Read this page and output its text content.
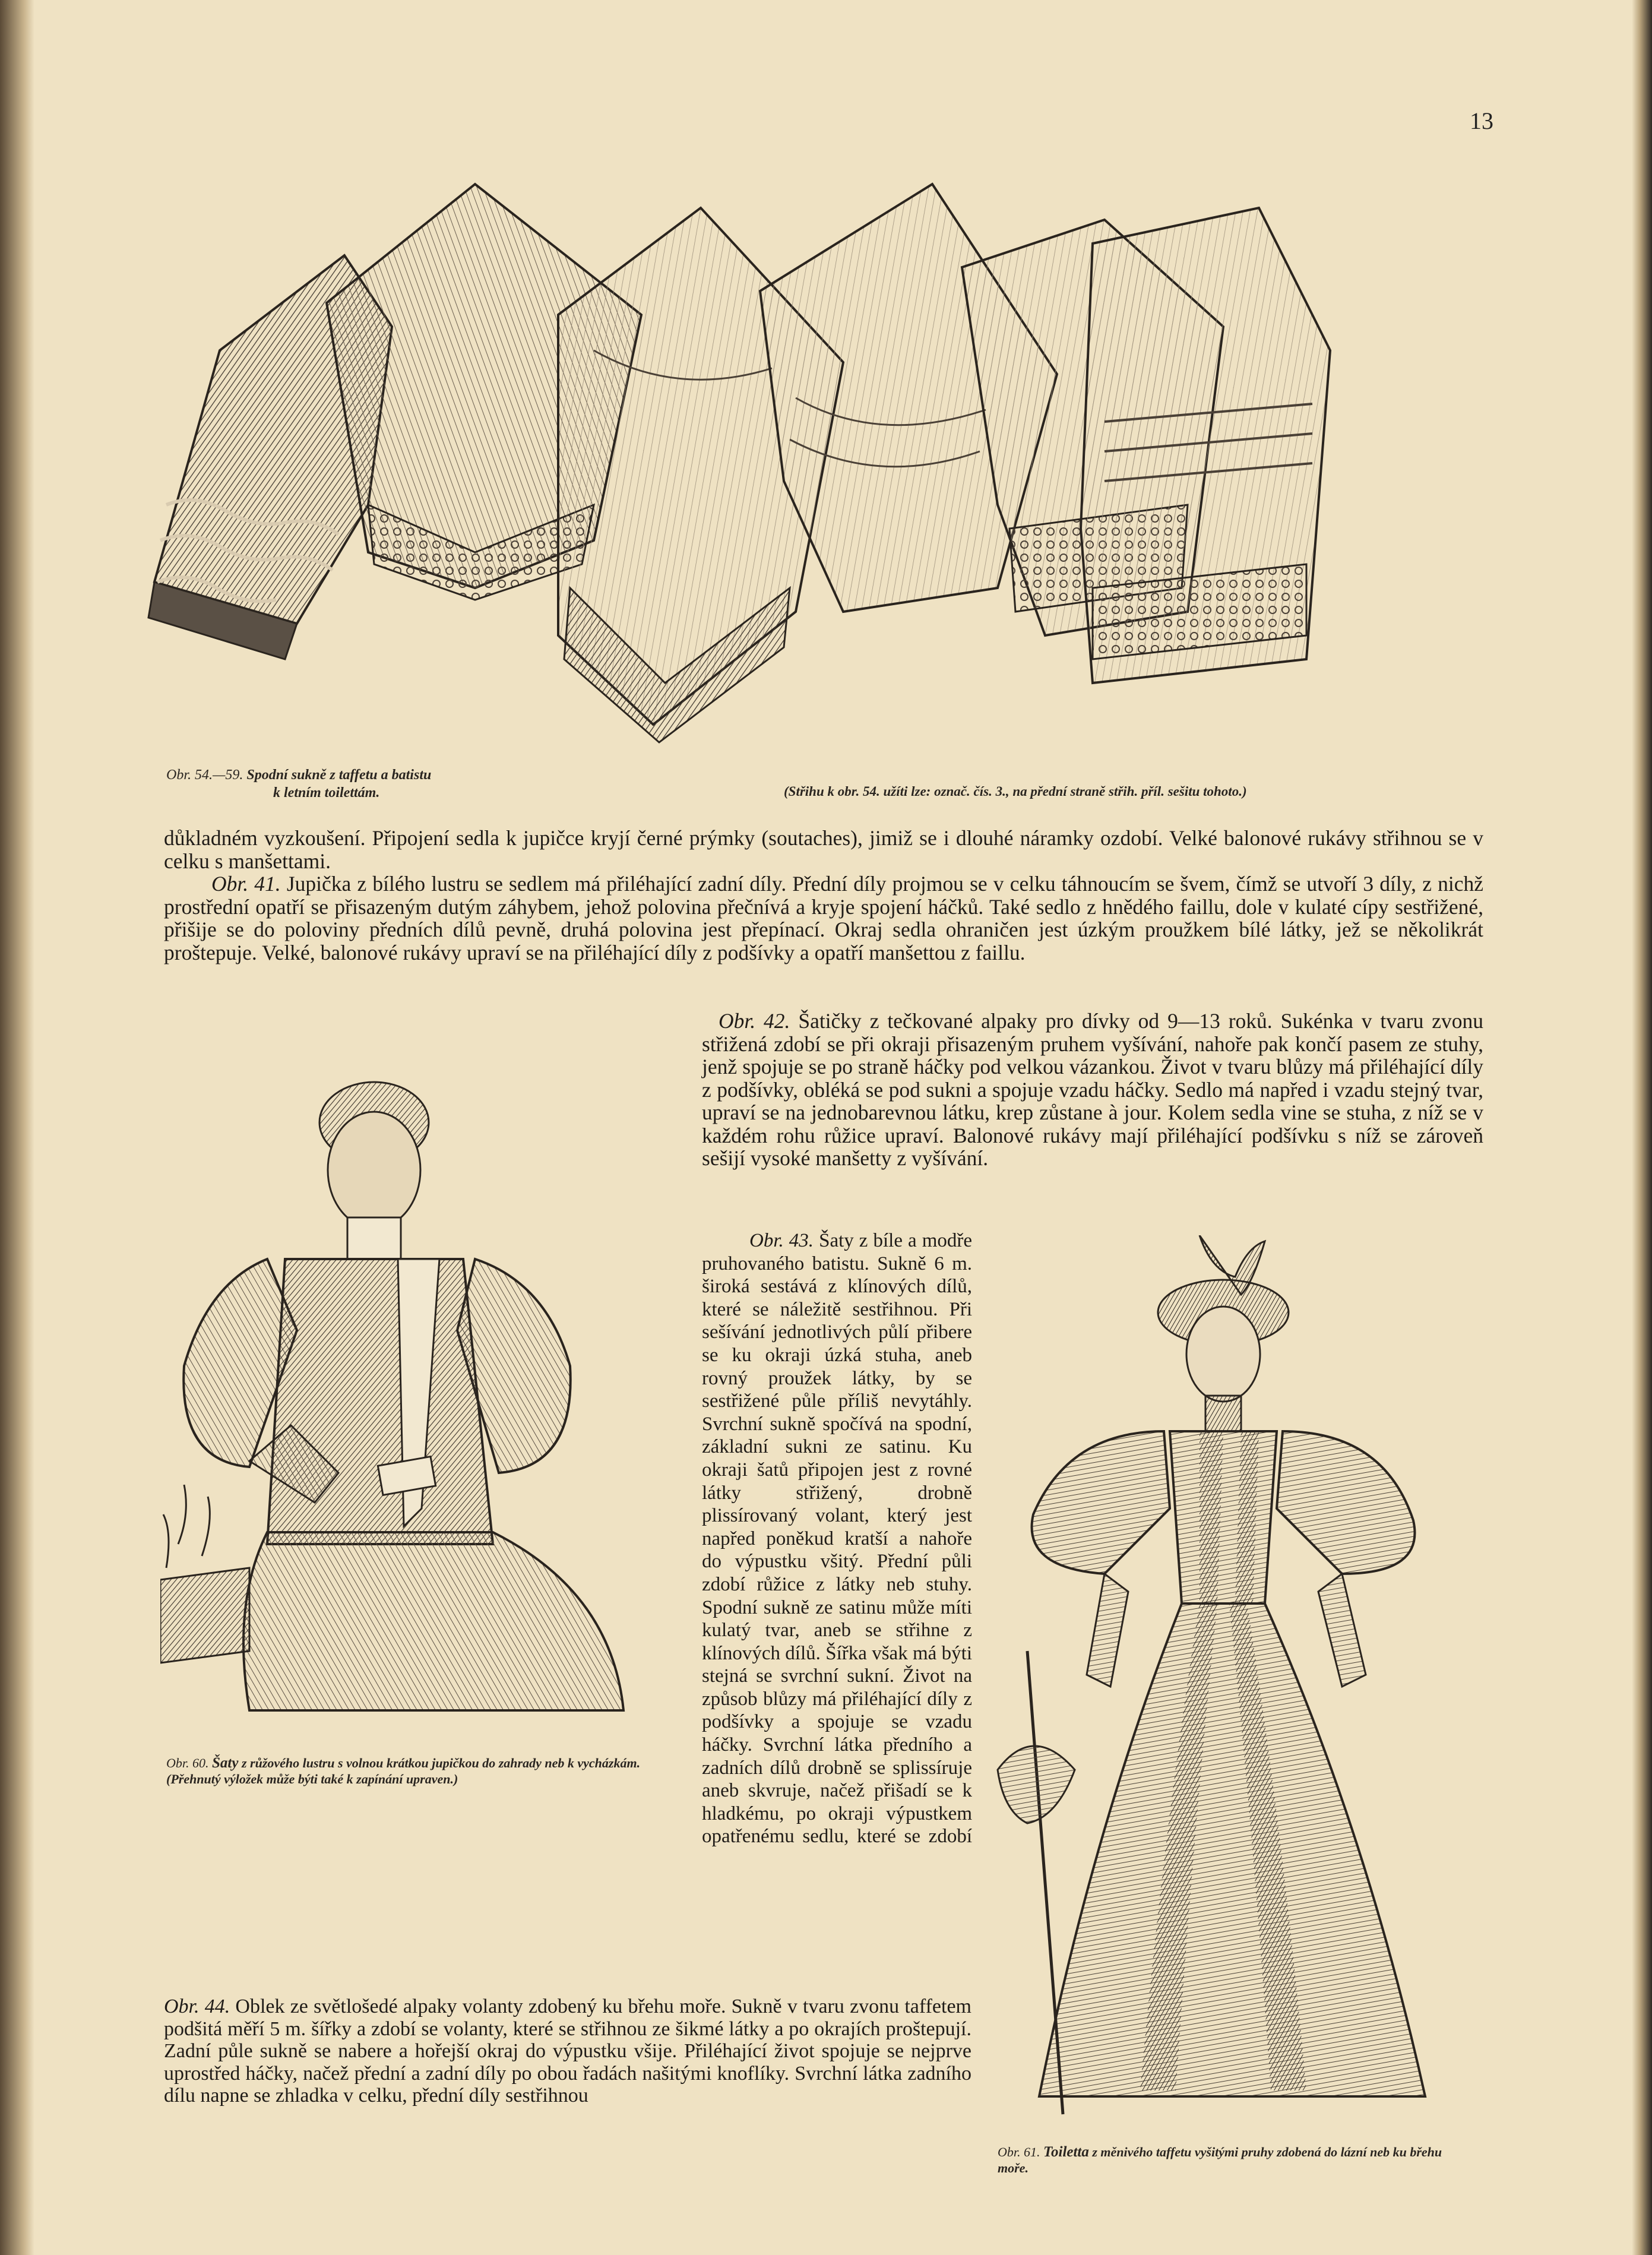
13
Obr. 54.—59. Spodní sukně z taffetu a batistu
k letním toilettám.	(Střihu k obr. 54. užíti lze: označ. čís. 3., na přední straně střih. příl. sešitu tohoto.)

důkladném vyzkoušení. Připojení sedla k jupičce kryjí černé prýmky (soutaches), jimiž se i dlouhé náramky ozdobí. Velké balonové rukávy střihnou se v celku s manšettami.

Obr. 41. Jupička z bílého lustru se sedlem má přiléhající zadní díly. Přední díly projmou se v celku táhnoucím se švem, čímž se utvoří 3 díly, z nichž prostřední opatří se přisazeným dutým záhybem, jehož polovina přečnívá a kryje spojení háčků. Také sedlo z hnědého faillu, dole v kulaté cípy sestřižené, přišije se do poloviny předních dílů pevně, druhá polovina jest přepínací. Okraj sedla ohraničen jest úzkým proužkem bílé látky, jež se několikrát proštepuje. Velké, balonové rukávy upraví se na přiléhající díly z podšívky a opatří manšettou z faillu.

Obr. 60. Šaty z růžového lustru s volnou krátkou jupičkou do zahrady neb k vycházkám. (Přehnutý výložek může býti také k zapínání upraven.)

Obr. 42. Šatičky z tečkované alpaky pro dívky od 9—13 roků. Sukénka v tvaru zvonu střižená zdobí se při okraji přisazeným pruhem vyšívání, nahoře pak končí pasem ze stuhy, jenž spojuje se po straně háčky pod velkou vázankou. Život v tvaru blůzy má přiléhající díly z podšívky, obléká se pod sukni a spojuje vzadu háčky. Sedlo má napřed i vzadu stejný tvar, upraví se na jednobarevnou látku, krep zůstane à jour. Kolem sedla vine se stuha, z níž se v každém rohu růžice upraví. Balonové rukávy mají přiléhající podšívku s níž se zároveň sešijí vysoké manšetty z vyšívání.

Obr. 43. Šaty z bíle a modře pruhovaného batistu. Sukně 6 m. široká sestává z klínových dílů, které se náležitě sestřihnou. Při sešívání jednotlivých půlí přibere se ku okraji úzká stuha, aneb rovný proužek látky, by se sestřižené půle příliš nevytáhly. Svrchní sukně spočívá na spodní, základní sukni ze satinu. Ku okraji šatů připojen jest z rovné látky střižený, drobně plissírovaný volant, který jest napřed poněkud kratší a nahoře do výpustku všitý. Přední půli zdobí růžice z látky neb stuhy. Spodní sukně ze satinu může míti kulatý tvar, aneb se střihne z klínových dílů. Šířka však má býti stejná se svrchní sukní. Život na způsob blůzy má přiléhající díly z podšívky a spojuje se vzadu háčky. Svrchní látka předního a zadních dílů drobně se splissíruje aneb skvruje, načež přišadí se k hladkému, po okraji výpustkem opatřenému sedlu, které se zdobí

Obr. 61. Toiletta z měnivého taffetu vyšitými pruhy zdobená do lázní neb ku břehu moře.

Obr. 44. Oblek ze světlošedé alpaky volanty zdobený ku břehu moře. Sukně v tvaru zvonu taffetem podšitá měří 5 m. šířky a zdobí se volanty, které se střihnou ze šikmé látky a po okrajích proštepují. Zadní půle sukně se nabere a hořejší okraj do výpustku všije. Přiléhající život spojuje se nejprve uprostřed háčky, načež přední a zadní díly po obou řadách našitými knoflíky. Svrchní látka zadního dílu napne se zhladka v celku, přední díly sestřihnou
